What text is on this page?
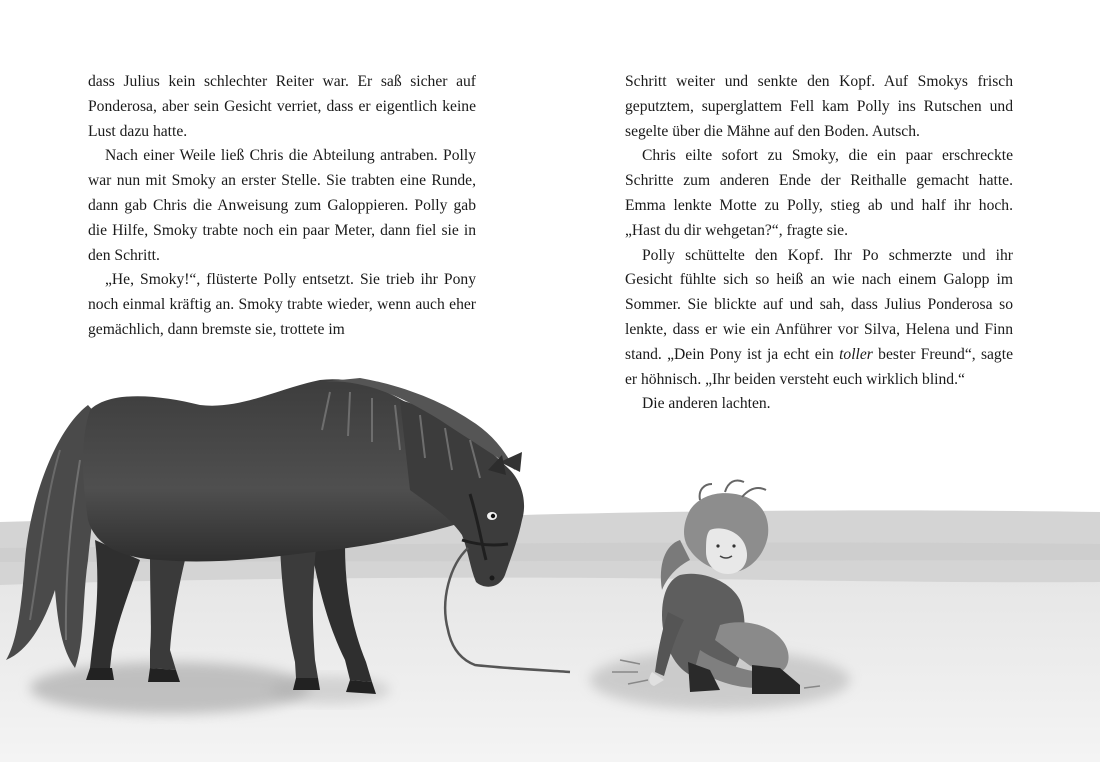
dass Julius kein schlechter Reiter war. Er saß sicher auf Ponderosa, aber sein Gesicht verriet, dass er eigentlich keine Lust dazu hatte.

Nach einer Weile ließ Chris die Abteilung antraben. Polly war nun mit Smoky an erster Stelle. Sie trabten eine Runde, dann gab Chris die Anweisung zum Galoppieren. Polly gab die Hilfe, Smoky trabte noch ein paar Meter, dann fiel sie in den Schritt.

„He, Smoky!“, flüsterte Polly entsetzt. Sie trieb ihr Pony noch einmal kräftig an. Smoky trabte wieder, wenn auch eher gemächlich, dann bremste sie, trottete im

Schritt weiter und senkte den Kopf. Auf Smokys frisch geputztem, superglattem Fell kam Polly ins Rutschen und segelte über die Mähne auf den Boden. Autsch.

Chris eilte sofort zu Smoky, die ein paar erschreckte Schritte zum anderen Ende der Reithalle gemacht hatte. Emma lenkte Motte zu Polly, stieg ab und half ihr hoch. „Hast du dir wehgetan?“, fragte sie.

Polly schüttelte den Kopf. Ihr Po schmerzte und ihr Gesicht fühlte sich so heiß an wie nach einem Galopp im Sommer. Sie blickte auf und sah, dass Julius Ponderosa so lenkte, dass er wie ein Anführer vor Silva, Helena und Finn stand. „Dein Pony ist ja echt ein toller bester Freund“, sagte er höhnisch. „Ihr beiden versteht euch wirklich blind.“

Die anderen lachten.
